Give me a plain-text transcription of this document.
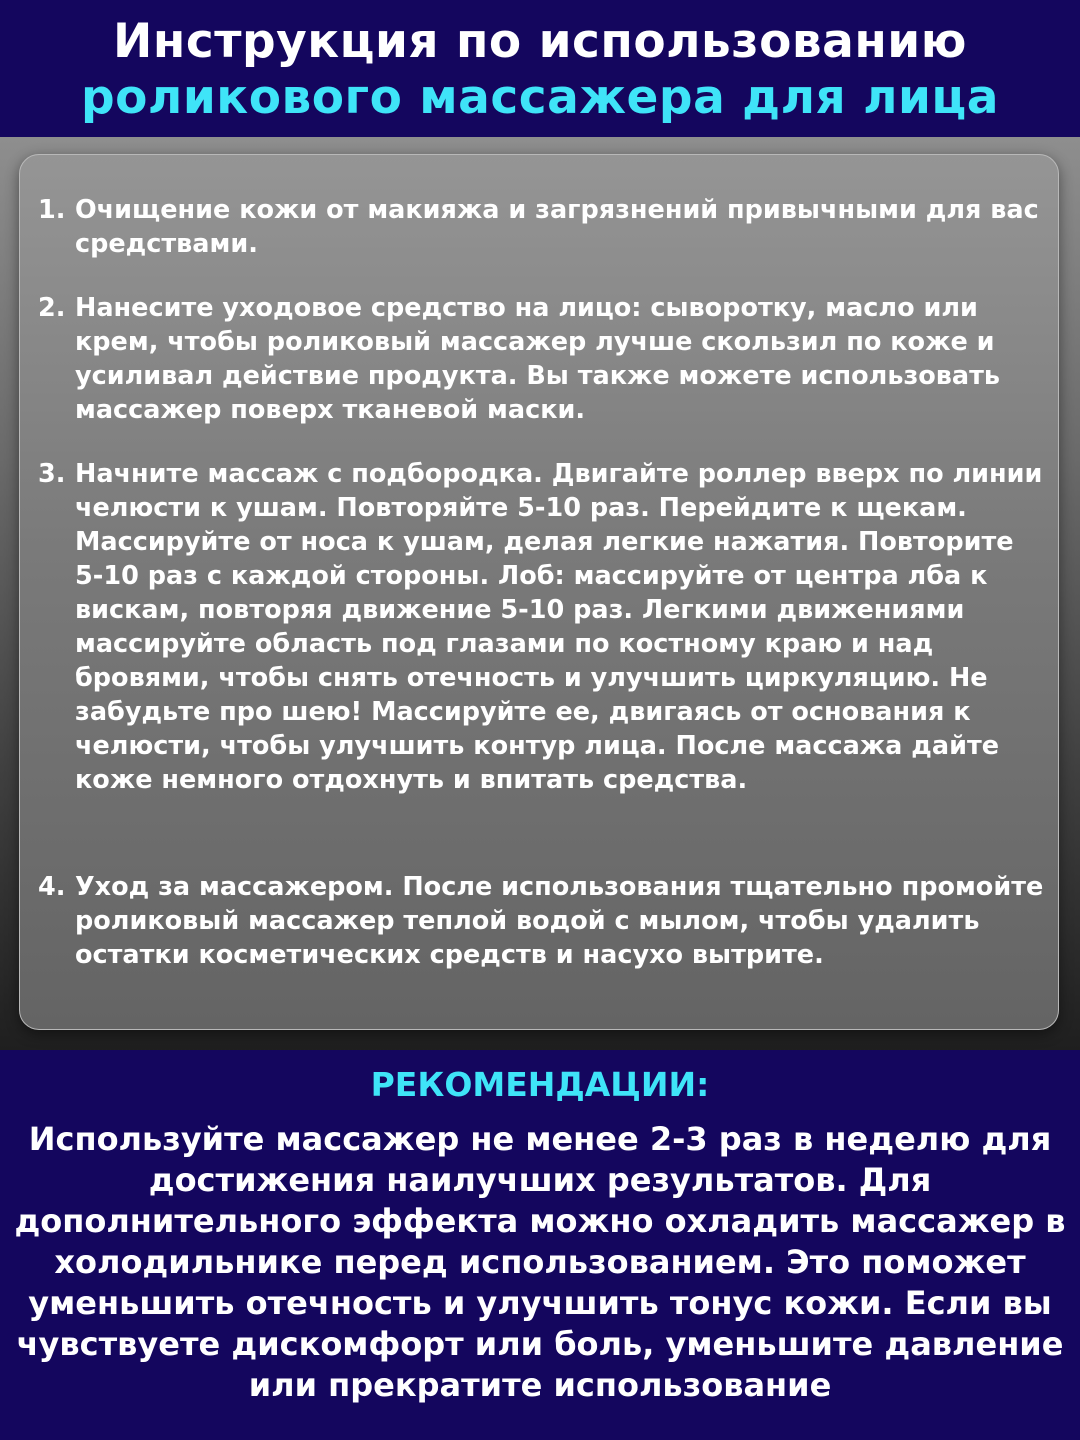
Инструкция по использованию
роликового массажера для лица
1. Очищение кожи от макияжа и загрязнений привычными для вас средствами.
2. Нанесите уходовое средство на лицо: сыворотку, масло или крем, чтобы роликовый массажер лучше скользил по коже и усиливал действие продукта. Вы также можете использовать массажер поверх тканевой маски.
3. Начните массаж с подбородка. Двигайте роллер вверх по линии челюсти к ушам. Повторяйте 5-10 раз. Перейдите к щекам. Массируйте от носа к ушам, делая легкие нажатия. Повторите 5-10 раз с каждой стороны. Лоб: массируйте от центра лба к вискам, повторяя движение 5-10 раз. Легкими движениями массируйте область под глазами по костному краю и над бровями, чтобы снять отечность и улучшить циркуляцию. Не забудьте про шею! Массируйте ее, двигаясь от основания к челюсти, чтобы улучшить контур лица. После массажа дайте коже немного отдохнуть и впитать средства.
4. Уход за массажером. После использования тщательно промойте роликовый массажер теплой водой с мылом, чтобы удалить остатки косметических средств и насухо вытрите.
РЕКОМЕНДАЦИИ:
Используйте массажер не менее 2-3 раз в неделю для достижения наилучших результатов. Для дополнительного эффекта можно охладить массажер в холодильнике перед использованием. Это поможет уменьшить отечность и улучшить тонус кожи. Если вы чувствуете дискомфорт или боль, уменьшите давление или прекратите использование
